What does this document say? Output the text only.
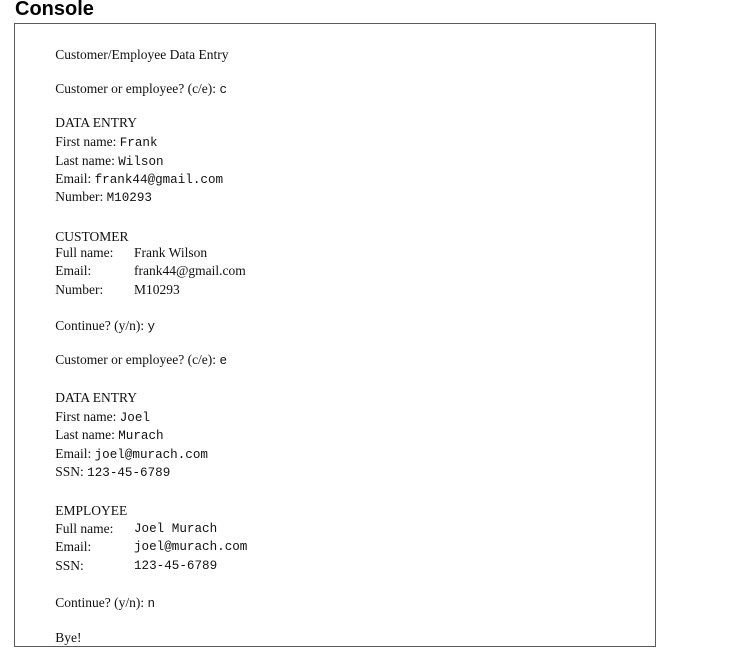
Console

Customer/Employee Data Entry

Customer or employee? (c/e): c

DATA ENTRY

First name: Frank

Last name: Wilson

Email: frank44@gmail.com

Number: M10293

CUSTOMER

Full name: Frank Wilson

Email:	frank44@gmail.com

Number: M10293

Continue? (y/n): y

Customer or employee? (c/e): e

DATA ENTRY

First name: Joel

Last name: Murach

Email: joel@murach.com

SSN: 123-45-6789

EMPLOYEE

Full name: Joel Murach

Email:	joel@murach.com

SSN:	123-45-6789

Continue? (y/n): n

Bye!
